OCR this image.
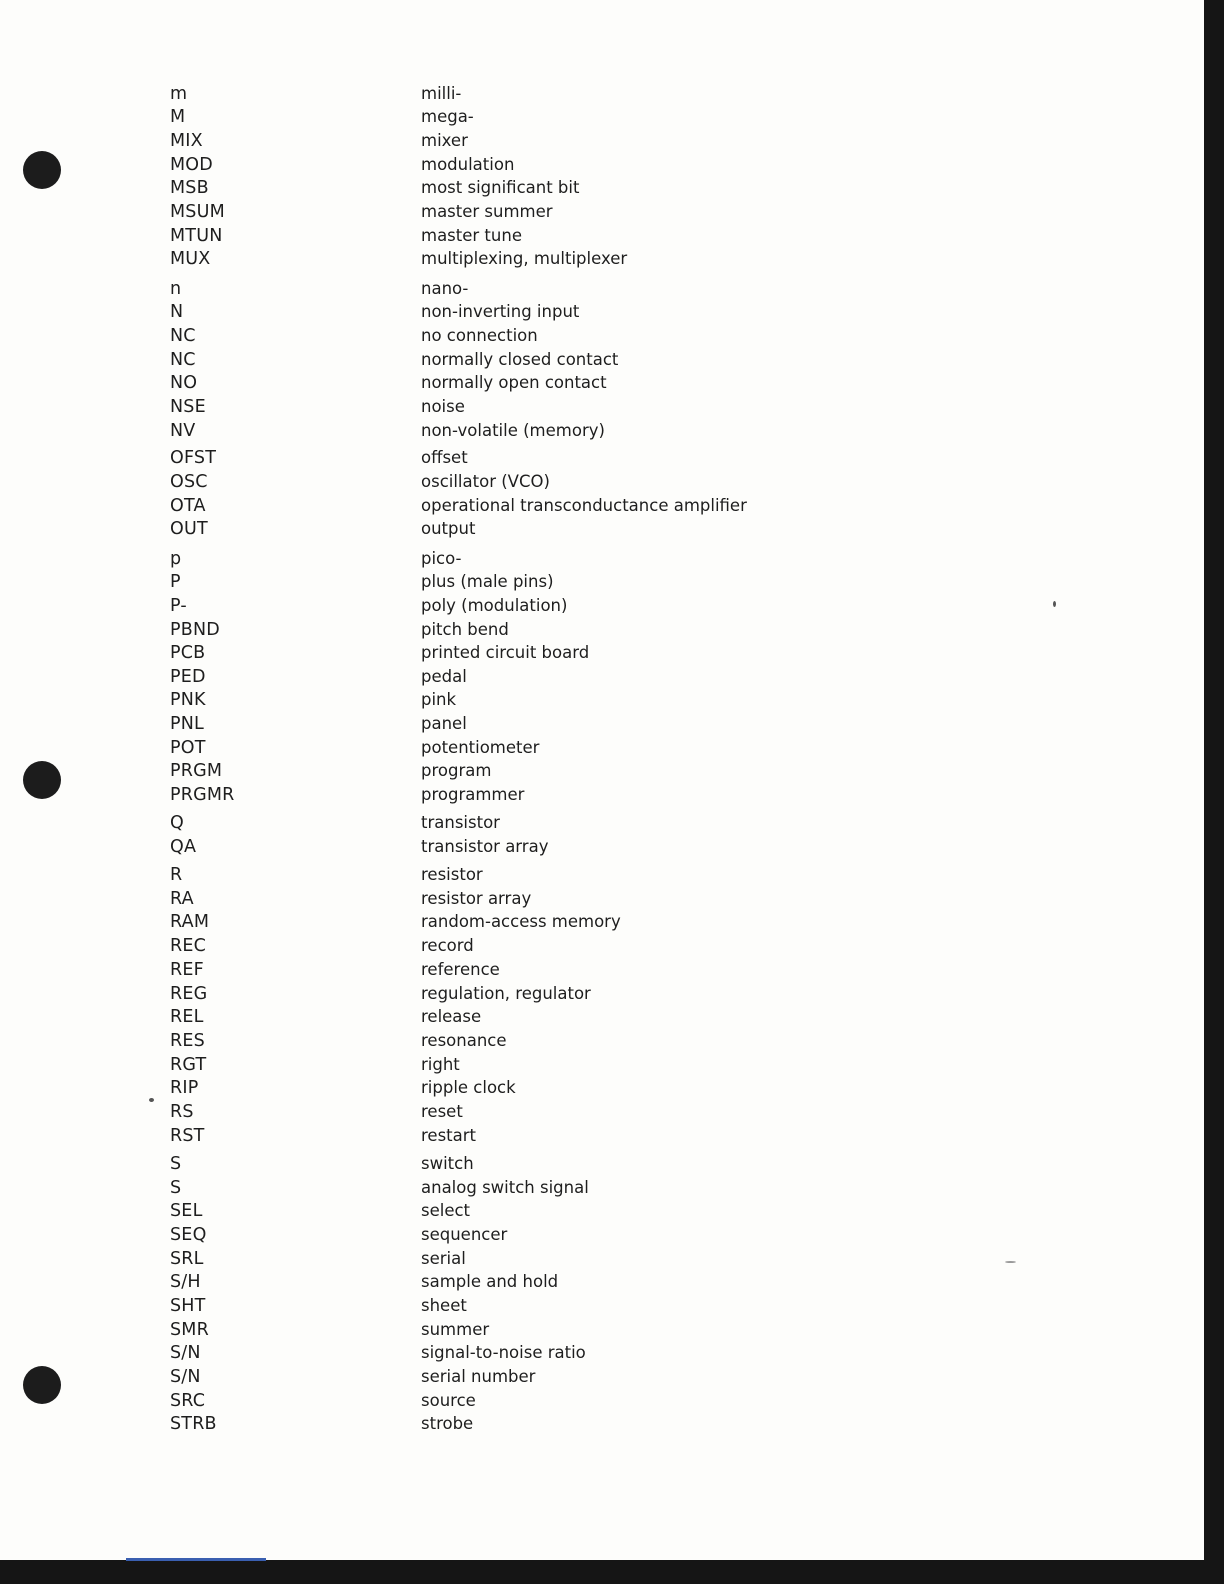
m	milli-
M	mega-
MIX	mixer
MOD	modulation
MSB	most significant bit
MSUM	master summer
MTUN	master tune
MUX	multiplexing, multiplexer
n	nano-
N	non-inverting input
NC	no connection
NC	normally closed contact
NO	normally open contact
NSE	noise
NV	non-volatile (memory)
OFST	offset
OSC	oscillator (VCO)
OTA	operational transconductance amplifier
OUT	output
p	pico-
P	plus (male pins)
P-	poly (modulation)
PBND	pitch bend
PCB	printed circuit board
PED	pedal
PNK	pink
PNL	panel
POT	potentiometer
PRGM	program
PRGMR	programmer
Q	transistor
QA	transistor array
R	resistor
RA	resistor array
RAM	random-access memory
REC	record
REF	reference
REG	regulation, regulator
REL	release
RES	resonance
RGT	right
RIP	ripple clock
RS	reset
RST	restart
S	switch
S	analog switch signal
SEL	select
SEQ	sequencer
SRL	serial
S/H	sample and hold
SHT	sheet
SMR	summer
S/N	signal-to-noise ratio
S/N	serial number
SRC	source
STRB	strobe
